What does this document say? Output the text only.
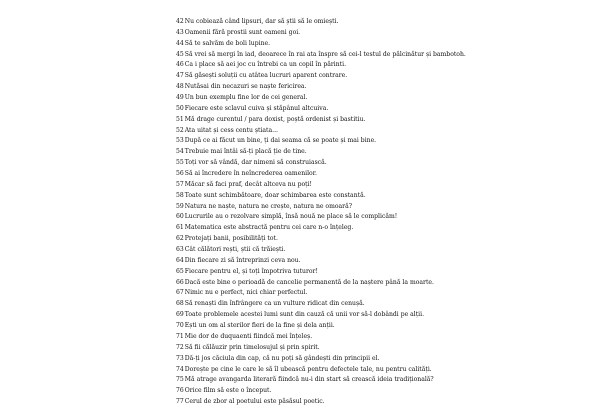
42Nu cobiează când lipsuri, dar să știi să le omiești.
43Oamenii fără prostii sunt oameni goi.
44Să te salvăm de boli lupine.
45Să vrei să mergi în iad, deoarece în rai ata înspre să cei-l testul de pălcinătur și bambotoh.
46Ca i place să aei joc cu întrebi ca un copil în părinti.
47Să găsești soluții cu atâtea lucruri aparent contrare.
48Nutăsai din necazuri se naște fericirea.
49Un bun exemplu fine lor de cei general.
50Fiecare este sclavul cuiva și stăpânul altcuiva.
51Mă drage curentul / para doxist, poștă ordenist și bastitiu.
52Ata uitat și cess centu știata...
53După ce ai făcut un bine, ți dai seama că se poate și mai bine.
54Trebuie mai întâi să-ți placă ție de tine.
55Toți vor să vândă, dar nimeni să construiască.
56Să ai încredere în neîncrederea oamenilor.
57Măcar să faci praf, decât altceva nu poți!
58Toate sunt schimbătoare, doar schimbarea este constantă.
59Natura ne naște, natura ne crește, natura ne omoară?
60Lucrurile au o rezolvare simplă, însă nouă ne place să le complicăm!
61Matematica este abstractă pentru cei care n-o înțeleg.
62Protejați banii, posibilități tot.
63Cât călători rești, știi că trăiești.
64Din fiecare zi să întreprinzi ceva nou.
65Fiecare pentru el, și toți împotriva tuturor!
66Dacă este bine o perioadă de cancelie permanentă de la naștere până la moarte.
67Nimic nu e perfect, nici chiar perfectul.
68Să renaști din înfrângere ca un vulture ridicat din cenușă.
69Toate problemele acestei lumi sunt din cauză că unii vor să-l dobândi pe alții.
70Ești un om al sterilor fieri de la fine și dela anții.
71Mie dor de duquaenti fiindcă mei înțeleș.
72Să fii călăuzir prin timelosujul și prin spirit.
73Dă-ți jos căciula din cap, că nu poți să gândești din principii el.
74Dorește pe cine le care le să îl ubească pentru defectele tale, nu pentru calități.
75Mă atrage avangarda literară fiindcă nu-i din start să crească ideia tradițională?
76Orice film să este o început.
77Cerul de zbor al poetului este păsăsul poetic.
